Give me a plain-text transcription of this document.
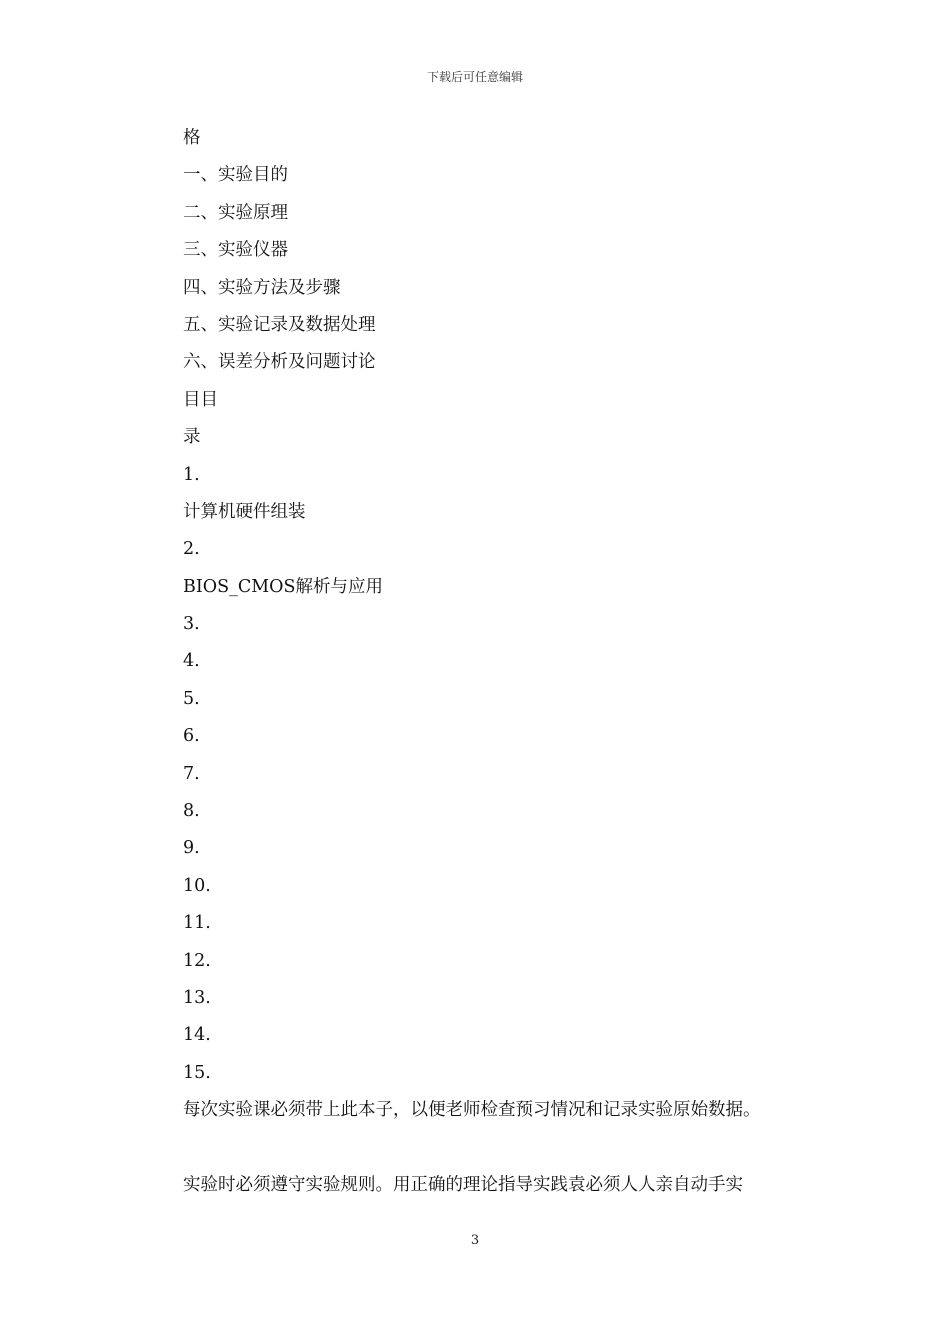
下载后可任意编辑
格
一、实验目的
二、实验原理
三、实验仪器
四、实验方法及步骤
五、实验记录及数据处理
六、误差分析及问题讨论
目目
录
1.
计算机硬件组装
2.
BIOS_CMOS解析与应用
3.
4.
5.
6.
7.
8.
9.
10.
11.
12.
13.
14.
15.
每次实验课必须带上此本子，以便老师检查预习情况和记录实验原始数据。
实验时必须遵守实验规则。用正确的理论指导实践袁必须人人亲自动手实
3
